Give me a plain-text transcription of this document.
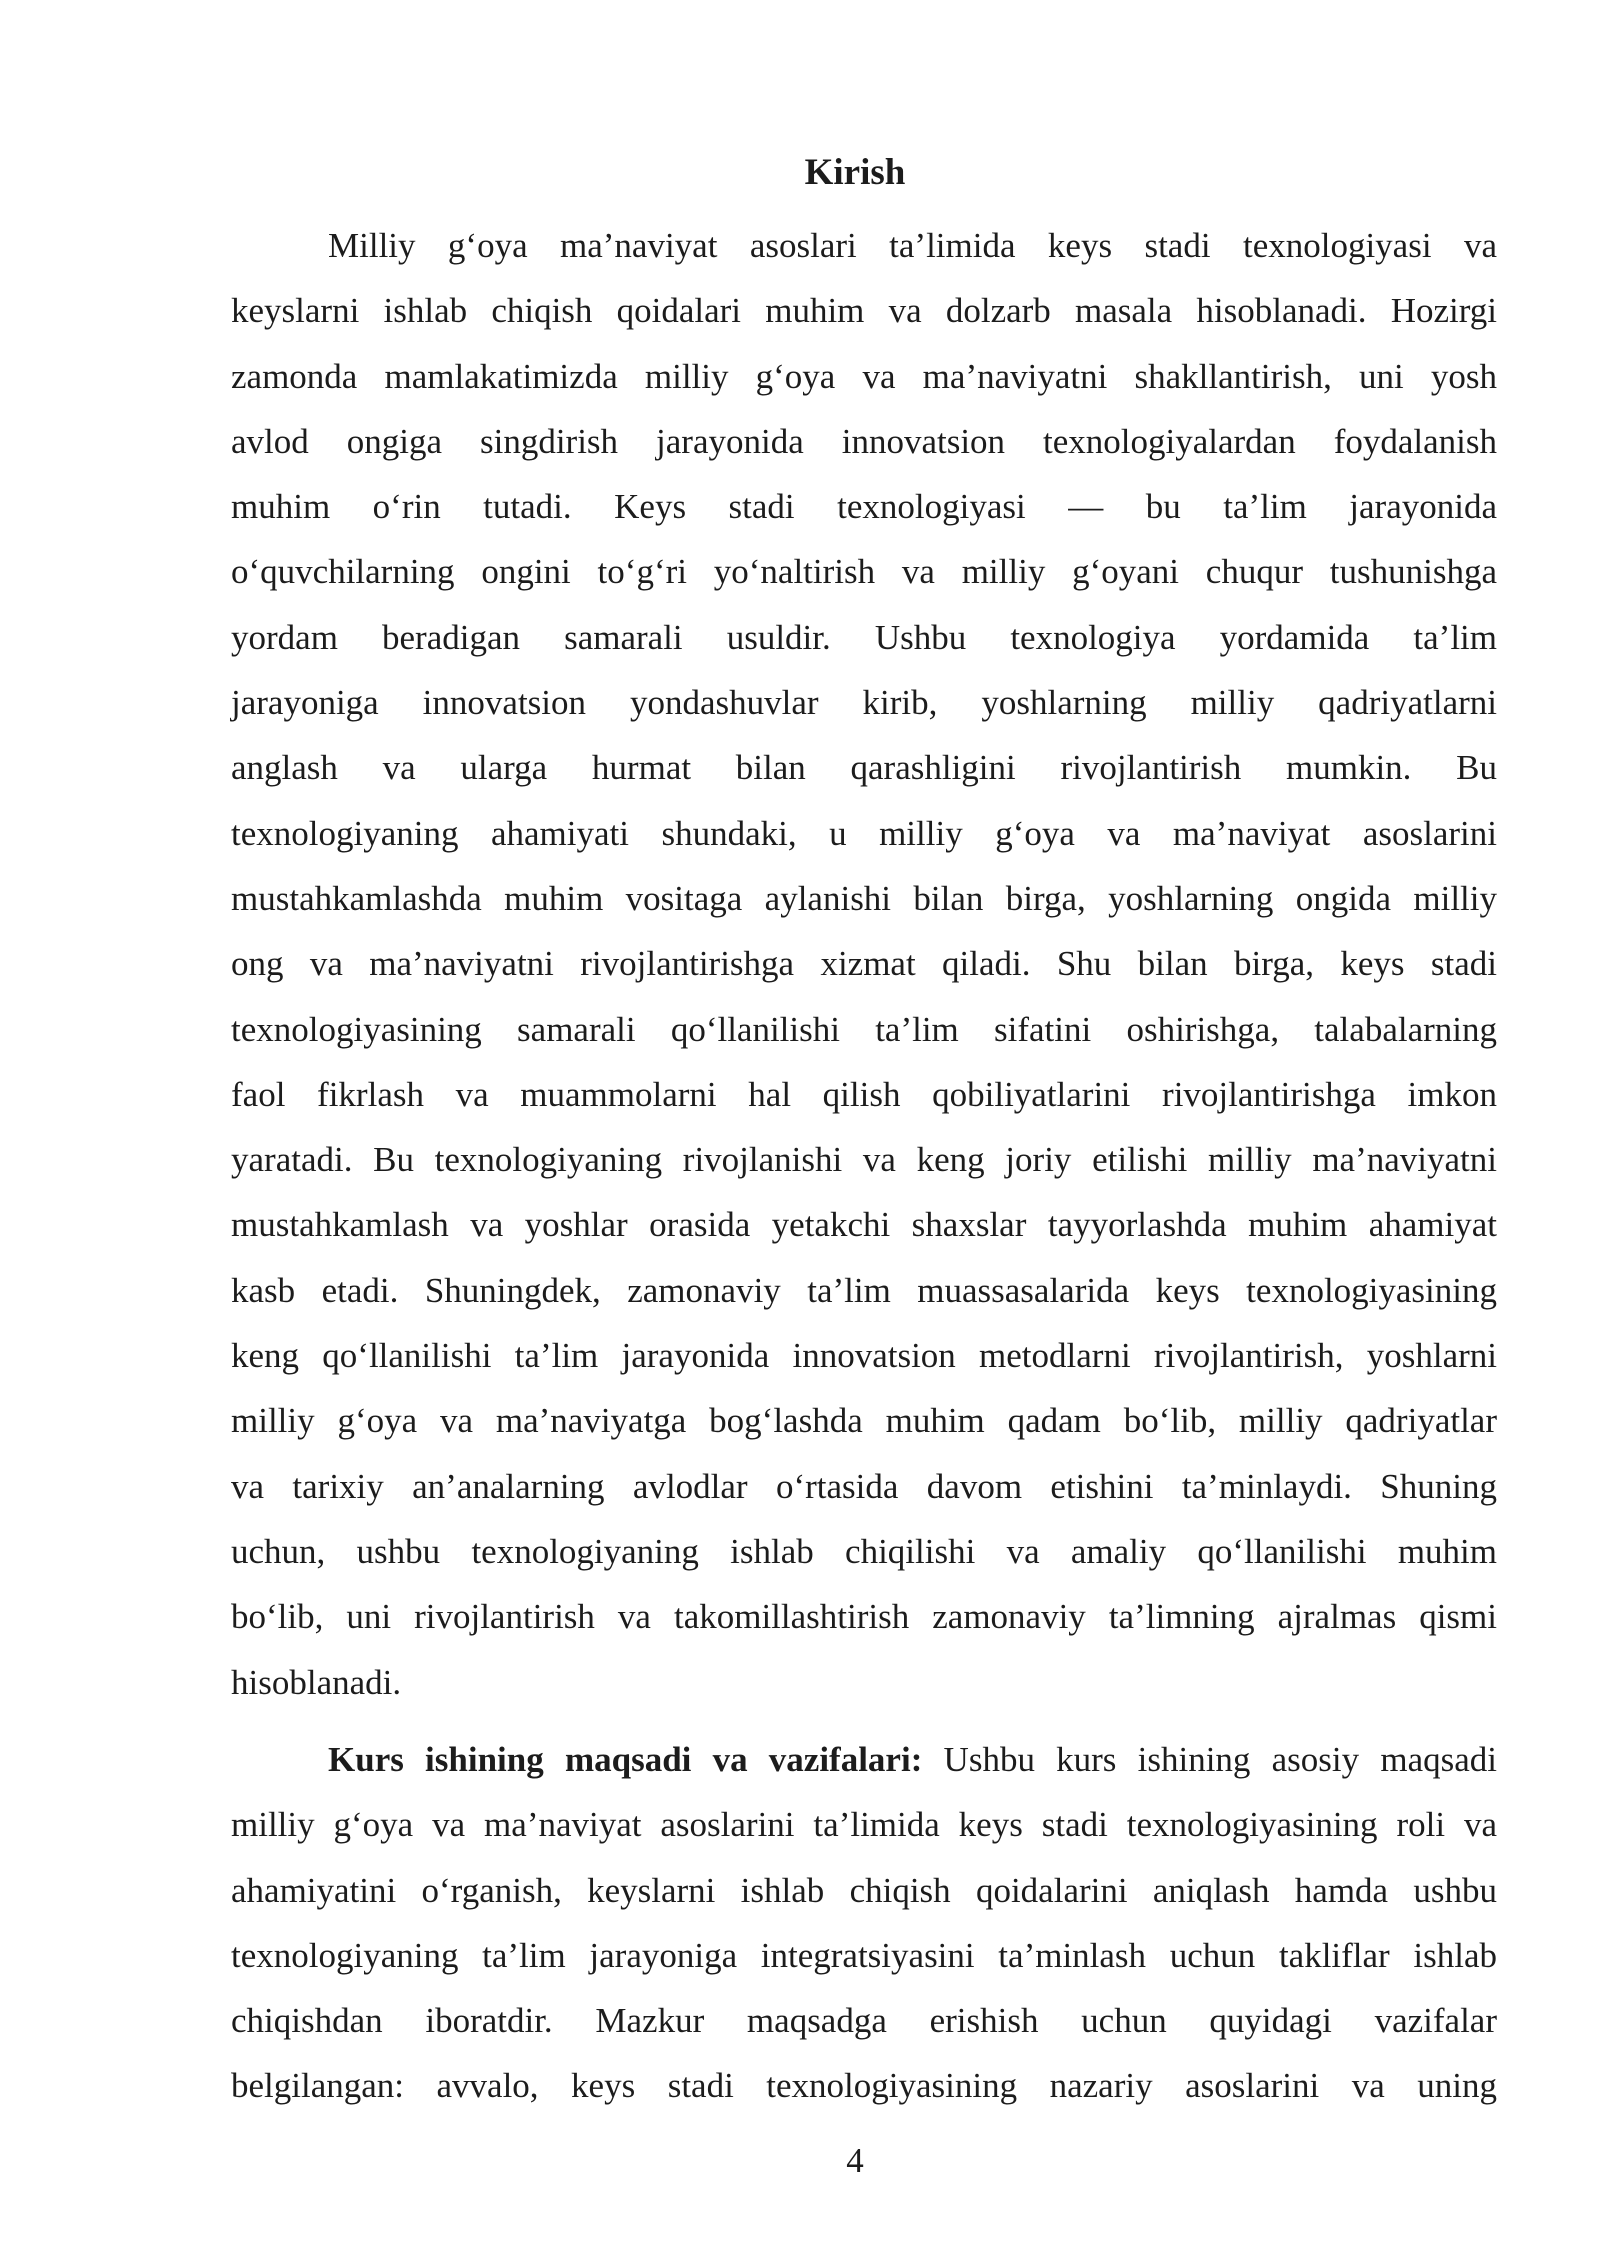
Kirish
Milliy g‘oya ma’naviyat asoslari ta’limida keys stadi texnologiyasi va
keyslarni ishlab chiqish qoidalari muhim va dolzarb masala hisoblanadi. Hozirgi
zamonda mamlakatimizda milliy g‘oya va ma’naviyatni shakllantirish, uni yosh
avlod ongiga singdirish jarayonida innovatsion texnologiyalardan foydalanish
muhim o‘rin tutadi. Keys stadi texnologiyasi — bu ta’lim jarayonida
o‘quvchilarning ongini to‘g‘ri yo‘naltirish va milliy g‘oyani chuqur tushunishga
yordam beradigan samarali usuldir. Ushbu texnologiya yordamida ta’lim
jarayoniga innovatsion yondashuvlar kirib, yoshlarning milliy qadriyatlarni
anglash va ularga hurmat bilan qarashligini rivojlantirish mumkin. Bu
texnologiyaning ahamiyati shundaki, u milliy g‘oya va ma’naviyat asoslarini
mustahkamlashda muhim vositaga aylanishi bilan birga, yoshlarning ongida milliy
ong va ma’naviyatni rivojlantirishga xizmat qiladi. Shu bilan birga, keys stadi
texnologiyasining samarali qo‘llanilishi ta’lim sifatini oshirishga, talabalarning
faol fikrlash va muammolarni hal qilish qobiliyatlarini rivojlantirishga imkon
yaratadi. Bu texnologiyaning rivojlanishi va keng joriy etilishi milliy ma’naviyatni
mustahkamlash va yoshlar orasida yetakchi shaxslar tayyorlashda muhim ahamiyat
kasb etadi. Shuningdek, zamonaviy ta’lim muassasalarida keys texnologiyasining
keng qo‘llanilishi ta’lim jarayonida innovatsion metodlarni rivojlantirish, yoshlarni
milliy g‘oya va ma’naviyatga bog‘lashda muhim qadam bo‘lib, milliy qadriyatlar
va tarixiy an’analarning avlodlar o‘rtasida davom etishini ta’minlaydi. Shuning
uchun, ushbu texnologiyaning ishlab chiqilishi va amaliy qo‘llanilishi muhim
bo‘lib, uni rivojlantirish va takomillashtirish zamonaviy ta’limning ajralmas qismi
hisoblanadi.
Kurs ishining maqsadi va vazifalari: Ushbu kurs ishining asosiy maqsadi
milliy g‘oya va ma’naviyat asoslarini ta’limida keys stadi texnologiyasining roli va
ahamiyatini o‘rganish, keyslarni ishlab chiqish qoidalarini aniqlash hamda ushbu
texnologiyaning ta’lim jarayoniga integratsiyasini ta’minlash uchun takliflar ishlab
chiqishdan iboratdir. Mazkur maqsadga erishish uchun quyidagi vazifalar
belgilangan: avvalo, keys stadi texnologiyasining nazariy asoslarini va uning
4
